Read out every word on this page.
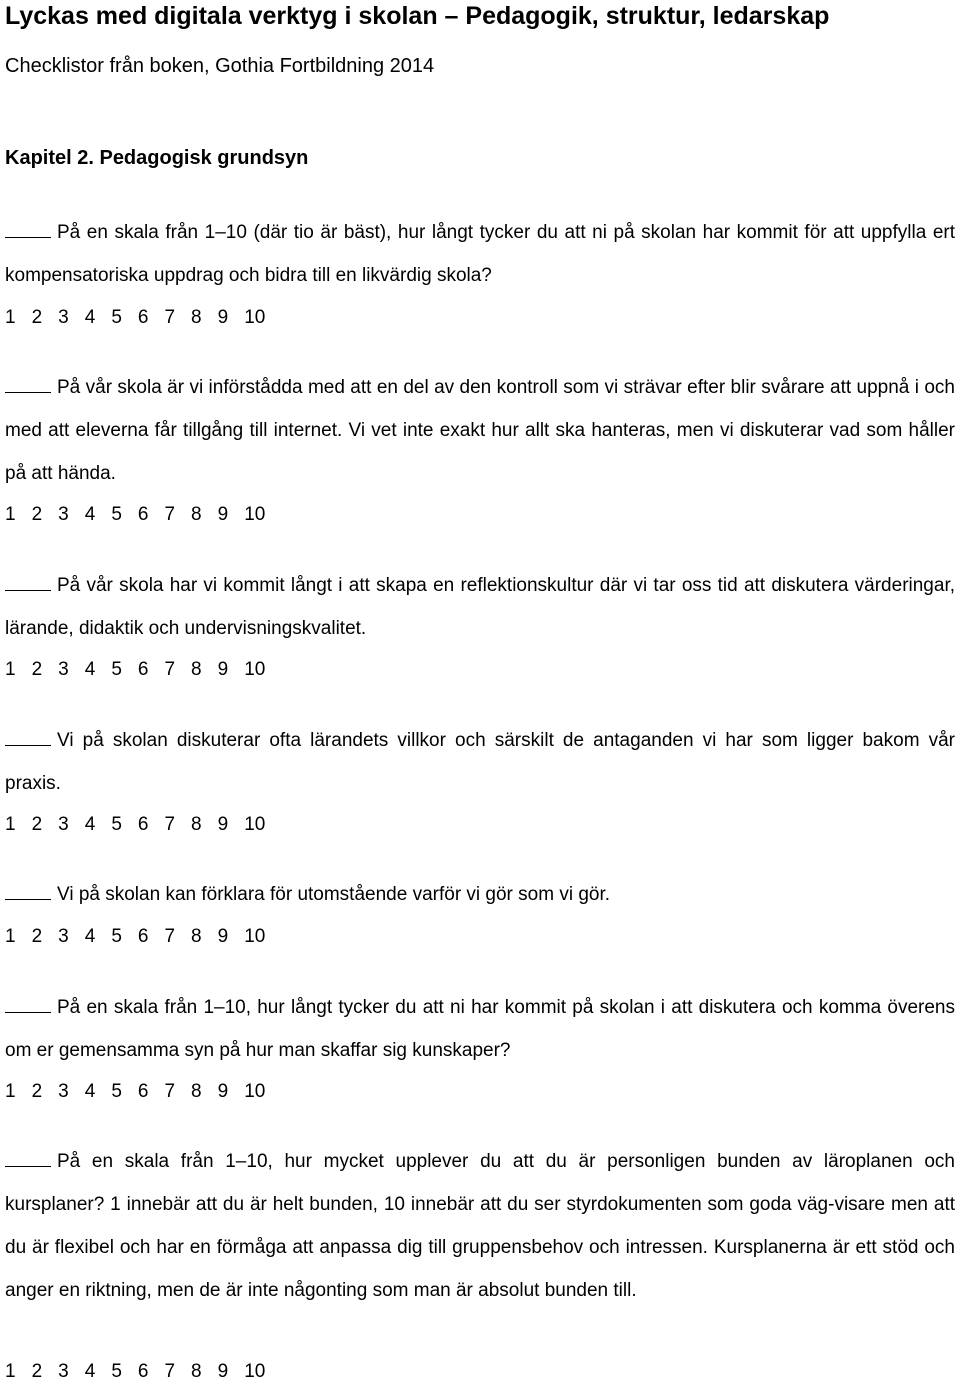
Lyckas med digitala verktyg i skolan – Pedagogik, struktur, ledarskap
Checklistor från boken, Gothia Fortbildning 2014
Kapitel 2. Pedagogisk grundsyn

På en skala från 1–10 (där tio är bäst), hur långt tycker du att ni på skolan har kommit för att uppfylla ert kompensatoriska uppdrag och bidra till en likvärdig skola?

1 2 3 4 5 6 7 8 9 10

På vår skola är vi införstådda med att en del av den kontroll som vi strävar efter blir svårare att uppnå i och med att eleverna får tillgång till internet. Vi vet inte exakt hur allt ska hanteras, men vi diskuterar vad som håller på att hända.

1 2 3 4 5 6 7 8 9 10

På vår skola har vi kommit långt i att skapa en reflektionskultur där vi tar oss tid att diskutera värderingar, lärande, didaktik och undervisningskvalitet.

1 2 3 4 5 6 7 8 9 10

Vi på skolan diskuterar ofta lärandets villkor och särskilt de antaganden vi har som ligger bakom vår praxis.

1 2 3 4 5 6 7 8 9 10

Vi på skolan kan förklara för utomstående varför vi gör som vi gör.

1 2 3 4 5 6 7 8 9 10

På en skala från 1–10, hur långt tycker du att ni har kommit på skolan i att diskutera och komma överens om er gemensamma syn på hur man skaffar sig kunskaper?

1 2 3 4 5 6 7 8 9 10

På en skala från 1–10, hur mycket upplever du att du är personligen bunden av läroplanen och kursplaner? 1 innebär att du är helt bunden, 10 innebär att du ser styrdokumenten som goda väg-visare men att du är flexibel och har en förmåga att anpassa dig till gruppensbehov och intressen. Kursplanerna är ett stöd och anger en riktning, men de är inte någonting som man är absolut bunden till.

1 2 3 4 5 6 7 8 9 10
